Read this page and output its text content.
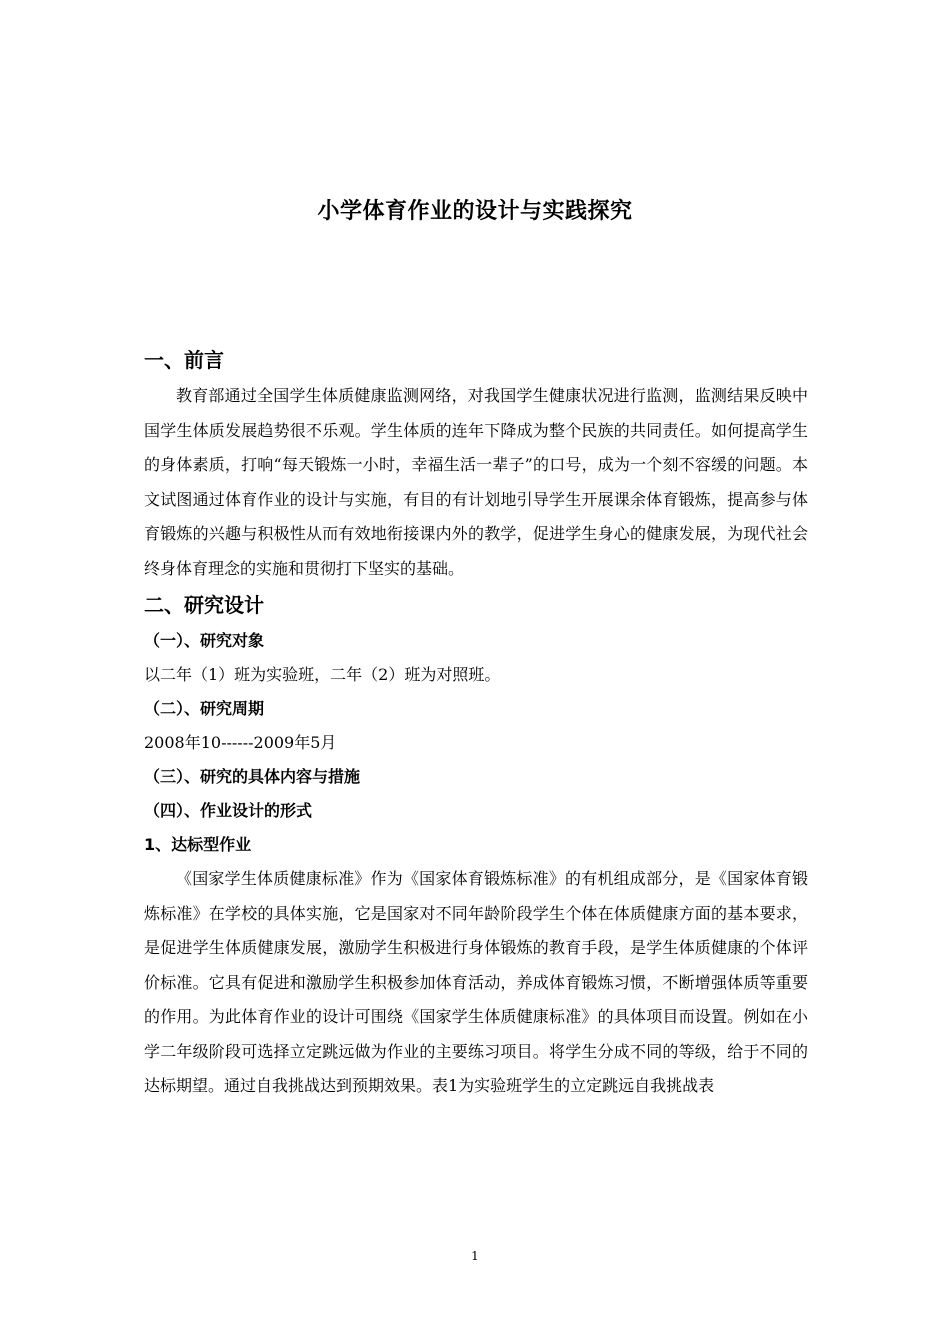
小学体育作业的设计与实践探究
一、前言

教育部通过全国学生体质健康监测网络，对我国学生健康状况进行监测，监测结果反映中国学生体质发展趋势很不乐观。学生体质的连年下降成为整个民族的共同责任。如何提高学生的身体素质，打响“每天锻炼一小时，幸福生活一辈子”的口号，成为一个刻不容缓的问题。本文试图通过体育作业的设计与实施，有目的有计划地引导学生开展课余体育锻炼，提高参与体育锻炼的兴趣与积极性从而有效地衔接课内外的教学，促进学生身心的健康发展，为现代社会终身体育理念的实施和贯彻打下坚实的基础。

二、研究设计
（一）、研究对象

以二年（1）班为实验班，二年（2）班为对照班。

（二）、研究周期

2008年10------2009年5月

（三）、研究的具体内容与措施
（四）、作业设计的形式
1、达标型作业

《国家学生体质健康标准》作为《国家体育锻炼标准》的有机组成部分，是《国家体育锻炼标准》在学校的具体实施，它是国家对不同年龄阶段学生个体在体质健康方面的基本要求，是促进学生体质健康发展，激励学生积极进行身体锻炼的教育手段，是学生体质健康的个体评价标准。它具有促进和激励学生积极参加体育活动，养成体育锻炼习惯，不断增强体质等重要的作用。为此体育作业的设计可围绕《国家学生体质健康标准》的具体项目而设置。例如在小学二年级阶段可选择立定跳远做为作业的主要练习项目。将学生分成不同的等级，给于不同的达标期望。通过自我挑战达到预期效果。表1为实验班学生的立定跳远自我挑战表

1
